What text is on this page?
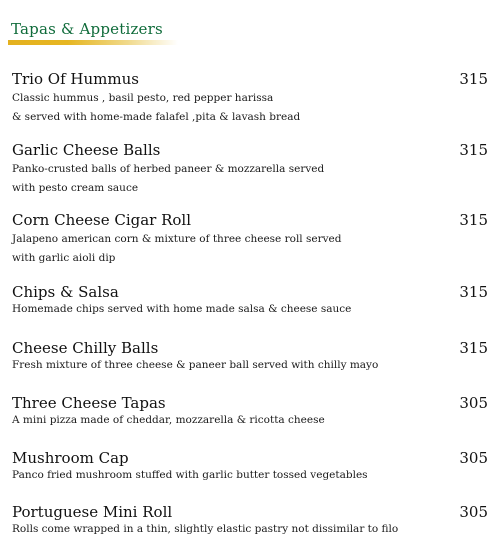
Tapas & Appetizers
Trio Of Hummus	315
Classic hummus , basil pesto, red pepper harissa
& served with home-made falafel ,pita & lavash bread
Garlic Cheese Balls	315
Panko-crusted balls of herbed paneer & mozzarella served
with pesto cream sauce
Corn Cheese Cigar Roll	315
Jalapeno american corn & mixture of three cheese roll served
with garlic aioli dip
Chips & Salsa	315
Homemade chips served with home made salsa & cheese sauce
Cheese Chilly Balls	315
Fresh mixture of three cheese & paneer ball served with chilly mayo
Three Cheese Tapas	305
A mini pizza made of cheddar, mozzarella & ricotta cheese
Mushroom Cap	305
Panco fried mushroom stuffed with garlic butter tossed vegetables
Portuguese Mini Roll	305
Rolls come wrapped in a thin, slightly elastic pastry not dissimilar to filo
